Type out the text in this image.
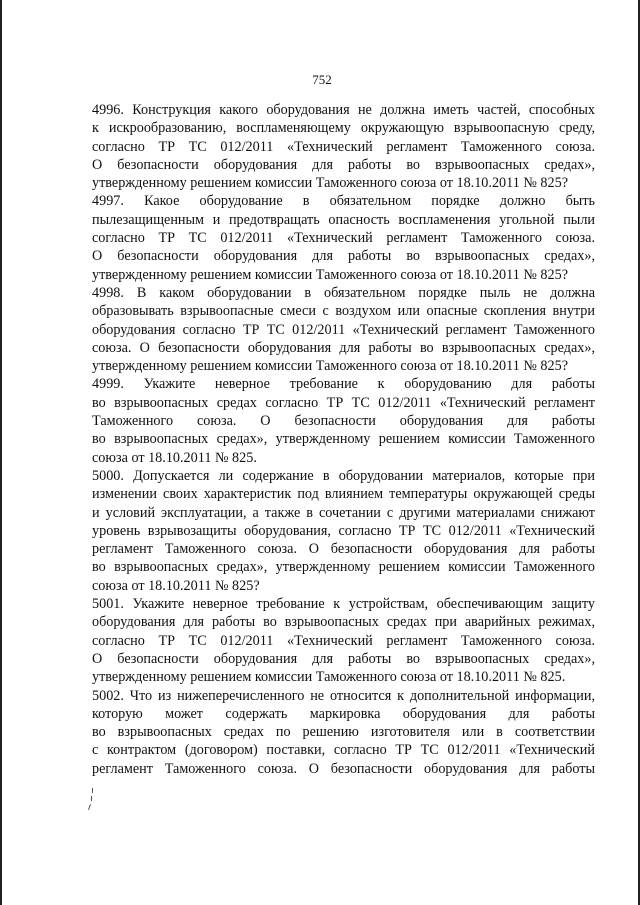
752

4996. Конструкция какого оборудования не должна иметь частей, способных

к искрообразованию, воспламеняющему окружающую взрывоопасную среду,

согласно ТР ТС 012/2011 «Технический регламент Таможенного союза.

О безопасности оборудования для работы во взрывоопасных средах»,

утвержденному решением комиссии Таможенного союза от 18.10.2011 № 825?

4997. Какое оборудование в обязательном порядке должно быть

пылезащищенным и предотвращать опасность воспламенения угольной пыли

согласно ТР ТС 012/2011 «Технический регламент Таможенного союза.

О безопасности оборудования для работы во взрывоопасных средах»,

утвержденному решением комиссии Таможенного союза от 18.10.2011 № 825?

4998. В каком оборудовании в обязательном порядке пыль не должна

образовывать взрывоопасные смеси с воздухом или опасные скопления внутри

оборудования согласно ТР ТС 012/2011 «Технический регламент Таможенного

союза. О безопасности оборудования для работы во взрывоопасных средах»,

утвержденному решением комиссии Таможенного союза от 18.10.2011 № 825?

4999. Укажите неверное требование к оборудованию для работы

во взрывоопасных средах согласно ТР ТС 012/2011 «Технический регламент

Таможенного союза. О безопасности оборудования для работы

во взрывоопасных средах», утвержденному решением комиссии Таможенного

союза от 18.10.2011 № 825.

5000. Допускается ли содержание в оборудовании материалов, которые при

изменении своих характеристик под влиянием температуры окружающей среды

и условий эксплуатации, а также в сочетании с другими материалами снижают

уровень взрывозащиты оборудования, согласно ТР ТС 012/2011 «Технический

регламент Таможенного союза. О безопасности оборудования для работы

во взрывоопасных средах», утвержденному решением комиссии Таможенного

союза от 18.10.2011 № 825?

5001. Укажите неверное требование к устройствам, обеспечивающим защиту

оборудования для работы во взрывоопасных средах при аварийных режимах,

согласно ТР ТС 012/2011 «Технический регламент Таможенного союза.

О безопасности оборудования для работы во взрывоопасных средах»,

утвержденному решением комиссии Таможенного союза от 18.10.2011 № 825.

5002. Что из нижеперечисленного не относится к дополнительной информации,

которую может содержать маркировка оборудования для работы

во взрывоопасных средах по решению изготовителя или в соответствии

с контрактом (договором) поставки, согласно ТР ТС 012/2011 «Технический

регламент Таможенного союза. О безопасности оборудования для работы
